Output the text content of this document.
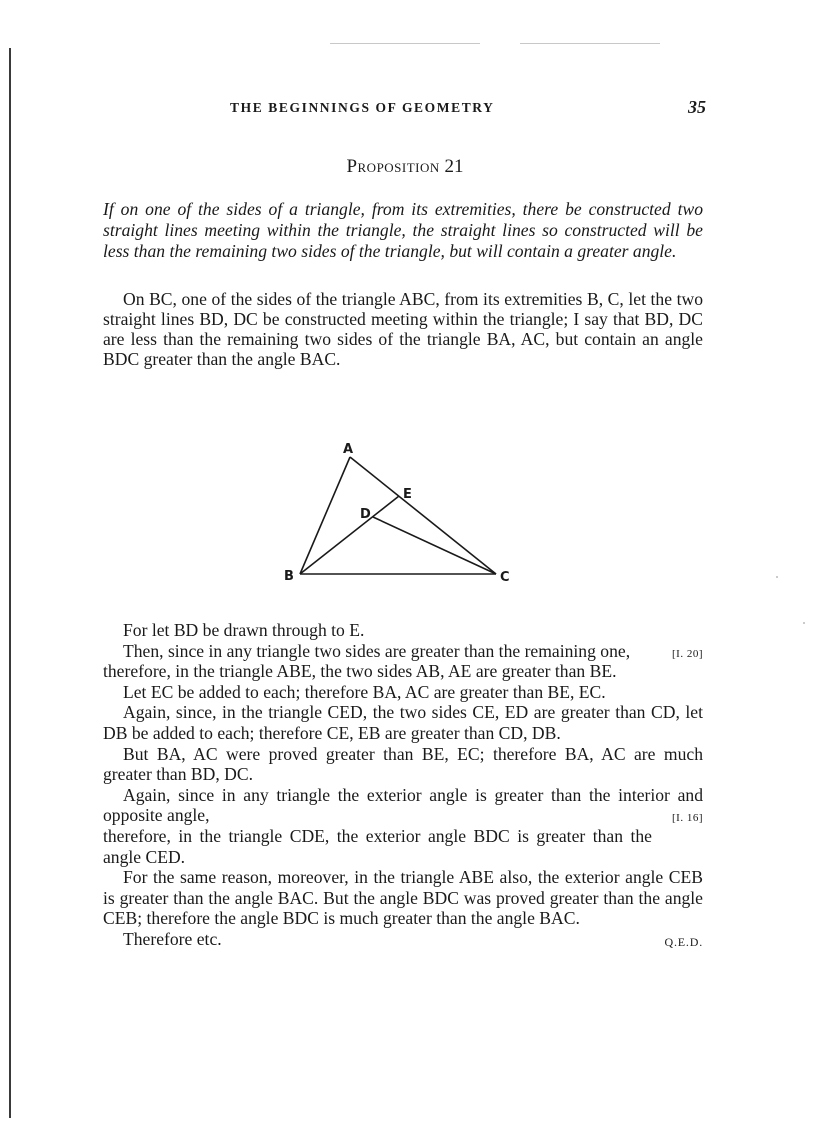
THE BEGINNINGS OF GEOMETRY	35
Proposition 21

If on one of the sides of a triangle, from its extremities, there be constructed two straight lines meeting within the triangle, the straight lines so constructed will be less than the remaining two sides of the triangle, but will contain a greater angle.

On BC, one of the sides of the triangle ABC, from its extremities B, C, let the two straight lines BD, DC be constructed meeting within the triangle; I say that BD, DC are less than the remaining two sides of the triangle BA, AC, but contain an angle BDC greater than the angle BAC.

A
B	C
D
E

For let BD be drawn through to E.

Then, since in any triangle two sides are greater than the remaining one,	[I. 20]

therefore, in the triangle ABE, the two sides AB, AE are greater than BE.

Let EC be added to each; therefore BA, AC are greater than BE, EC.

Again, since, in the triangle CED, the two sides CE, ED are greater than CD, let DB be added to each; therefore CE, EB are greater than CD, DB.

But BA, AC were proved greater than BE, EC; therefore BA, AC are much greater than BD, DC.

Again, since in any triangle the exterior angle is greater than the interior and opposite angle,	[I. 16]

therefore, in the triangle CDE, the exterior angle BDC is greater than the angle CED.

For the same reason, moreover, in the triangle ABE also, the exterior angle CEB is greater than the angle BAC. But the angle BDC was proved greater than the angle CEB; therefore the angle BDC is much greater than the angle BAC.

Therefore etc.	Q.E.D.
